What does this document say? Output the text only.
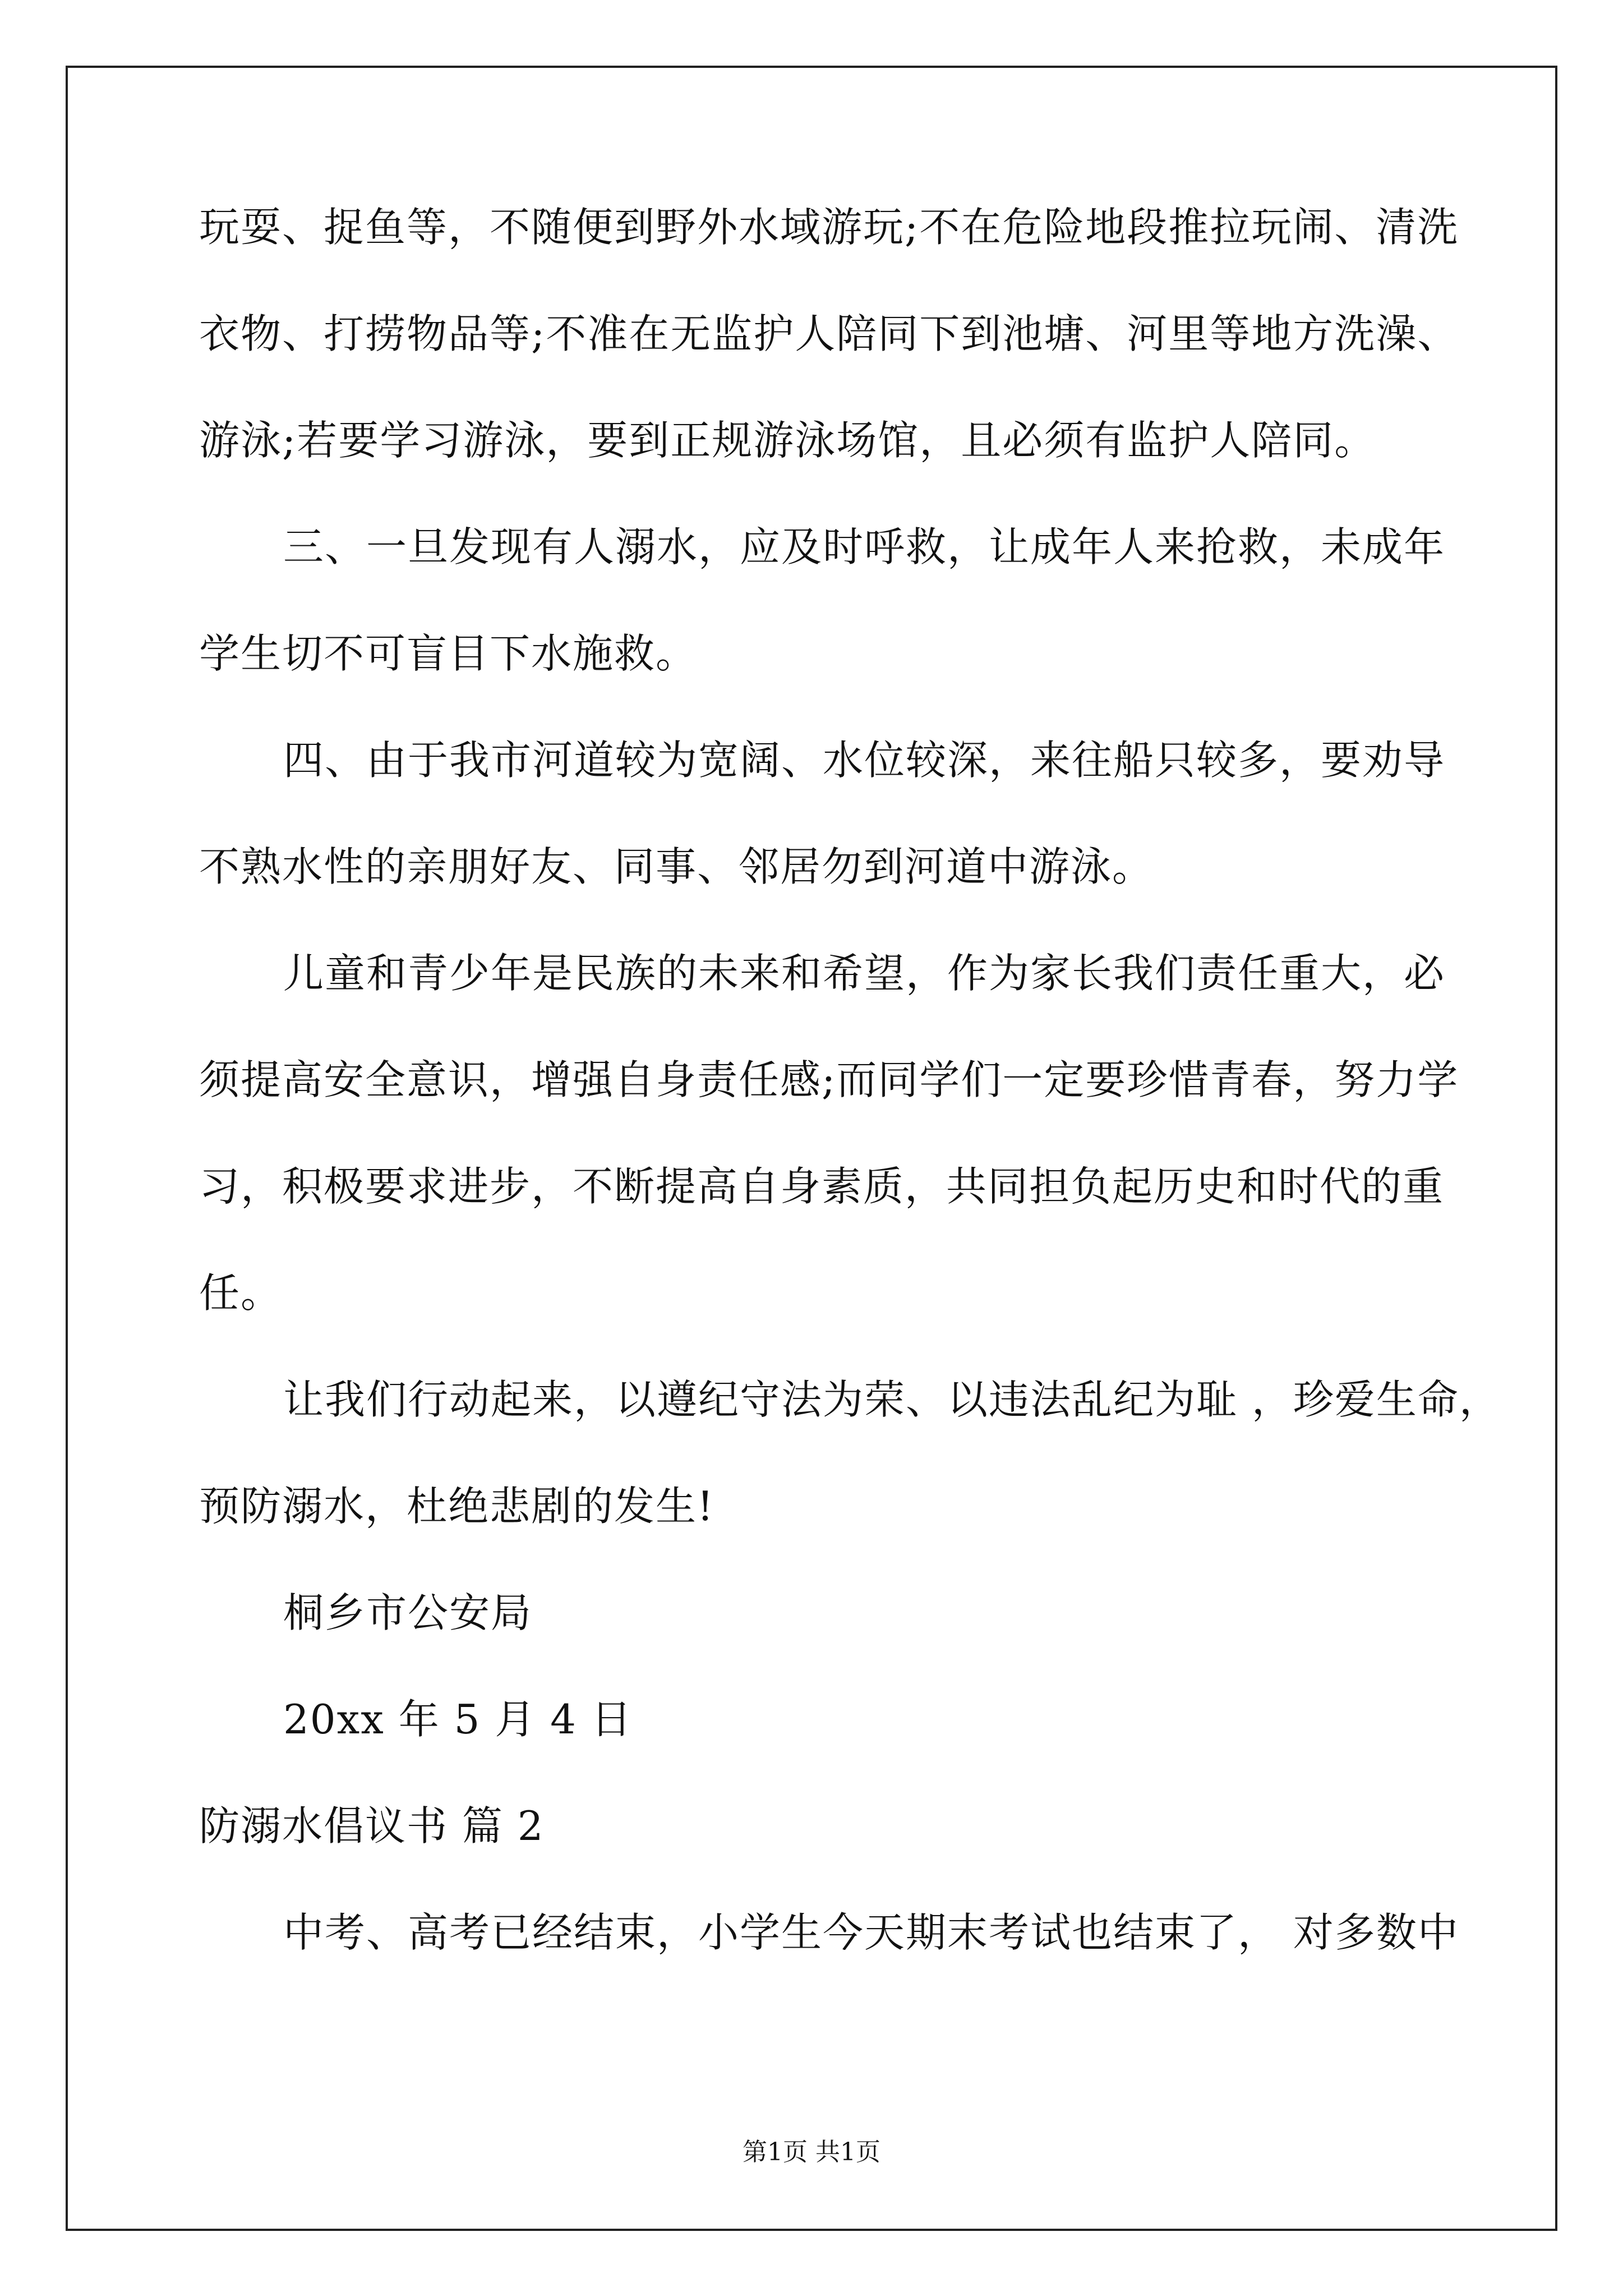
玩耍、捉鱼等，不随便到野外水域游玩;不在危险地段推拉玩闹、清洗
衣物、打捞物品等;不准在无监护人陪同下到池塘、河里等地方洗澡、
游泳;若要学习游泳，要到正规游泳场馆，且必须有监护人陪同。
三、一旦发现有人溺水，应及时呼救，让成年人来抢救，未成年
学生切不可盲目下水施救。
四、由于我市河道较为宽阔、水位较深，来往船只较多，要劝导
不熟水性的亲朋好友、同事、邻居勿到河道中游泳。
儿童和青少年是民族的未来和希望，作为家长我们责任重大，必
须提高安全意识，增强自身责任感;而同学们一定要珍惜青春，努力学
习，积极要求进步，不断提高自身素质，共同担负起历史和时代的重
任。
让我们行动起来，以遵纪守法为荣、以违法乱纪为耻 ，珍爱生命，
预防溺水，杜绝悲剧的发生!
桐乡市公安局
20xx 年 5 月 4 日
防溺水倡议书 篇 2
中考、高考已经结束，小学生今天期末考试也结束了， 对多数中
第1页 共1页
